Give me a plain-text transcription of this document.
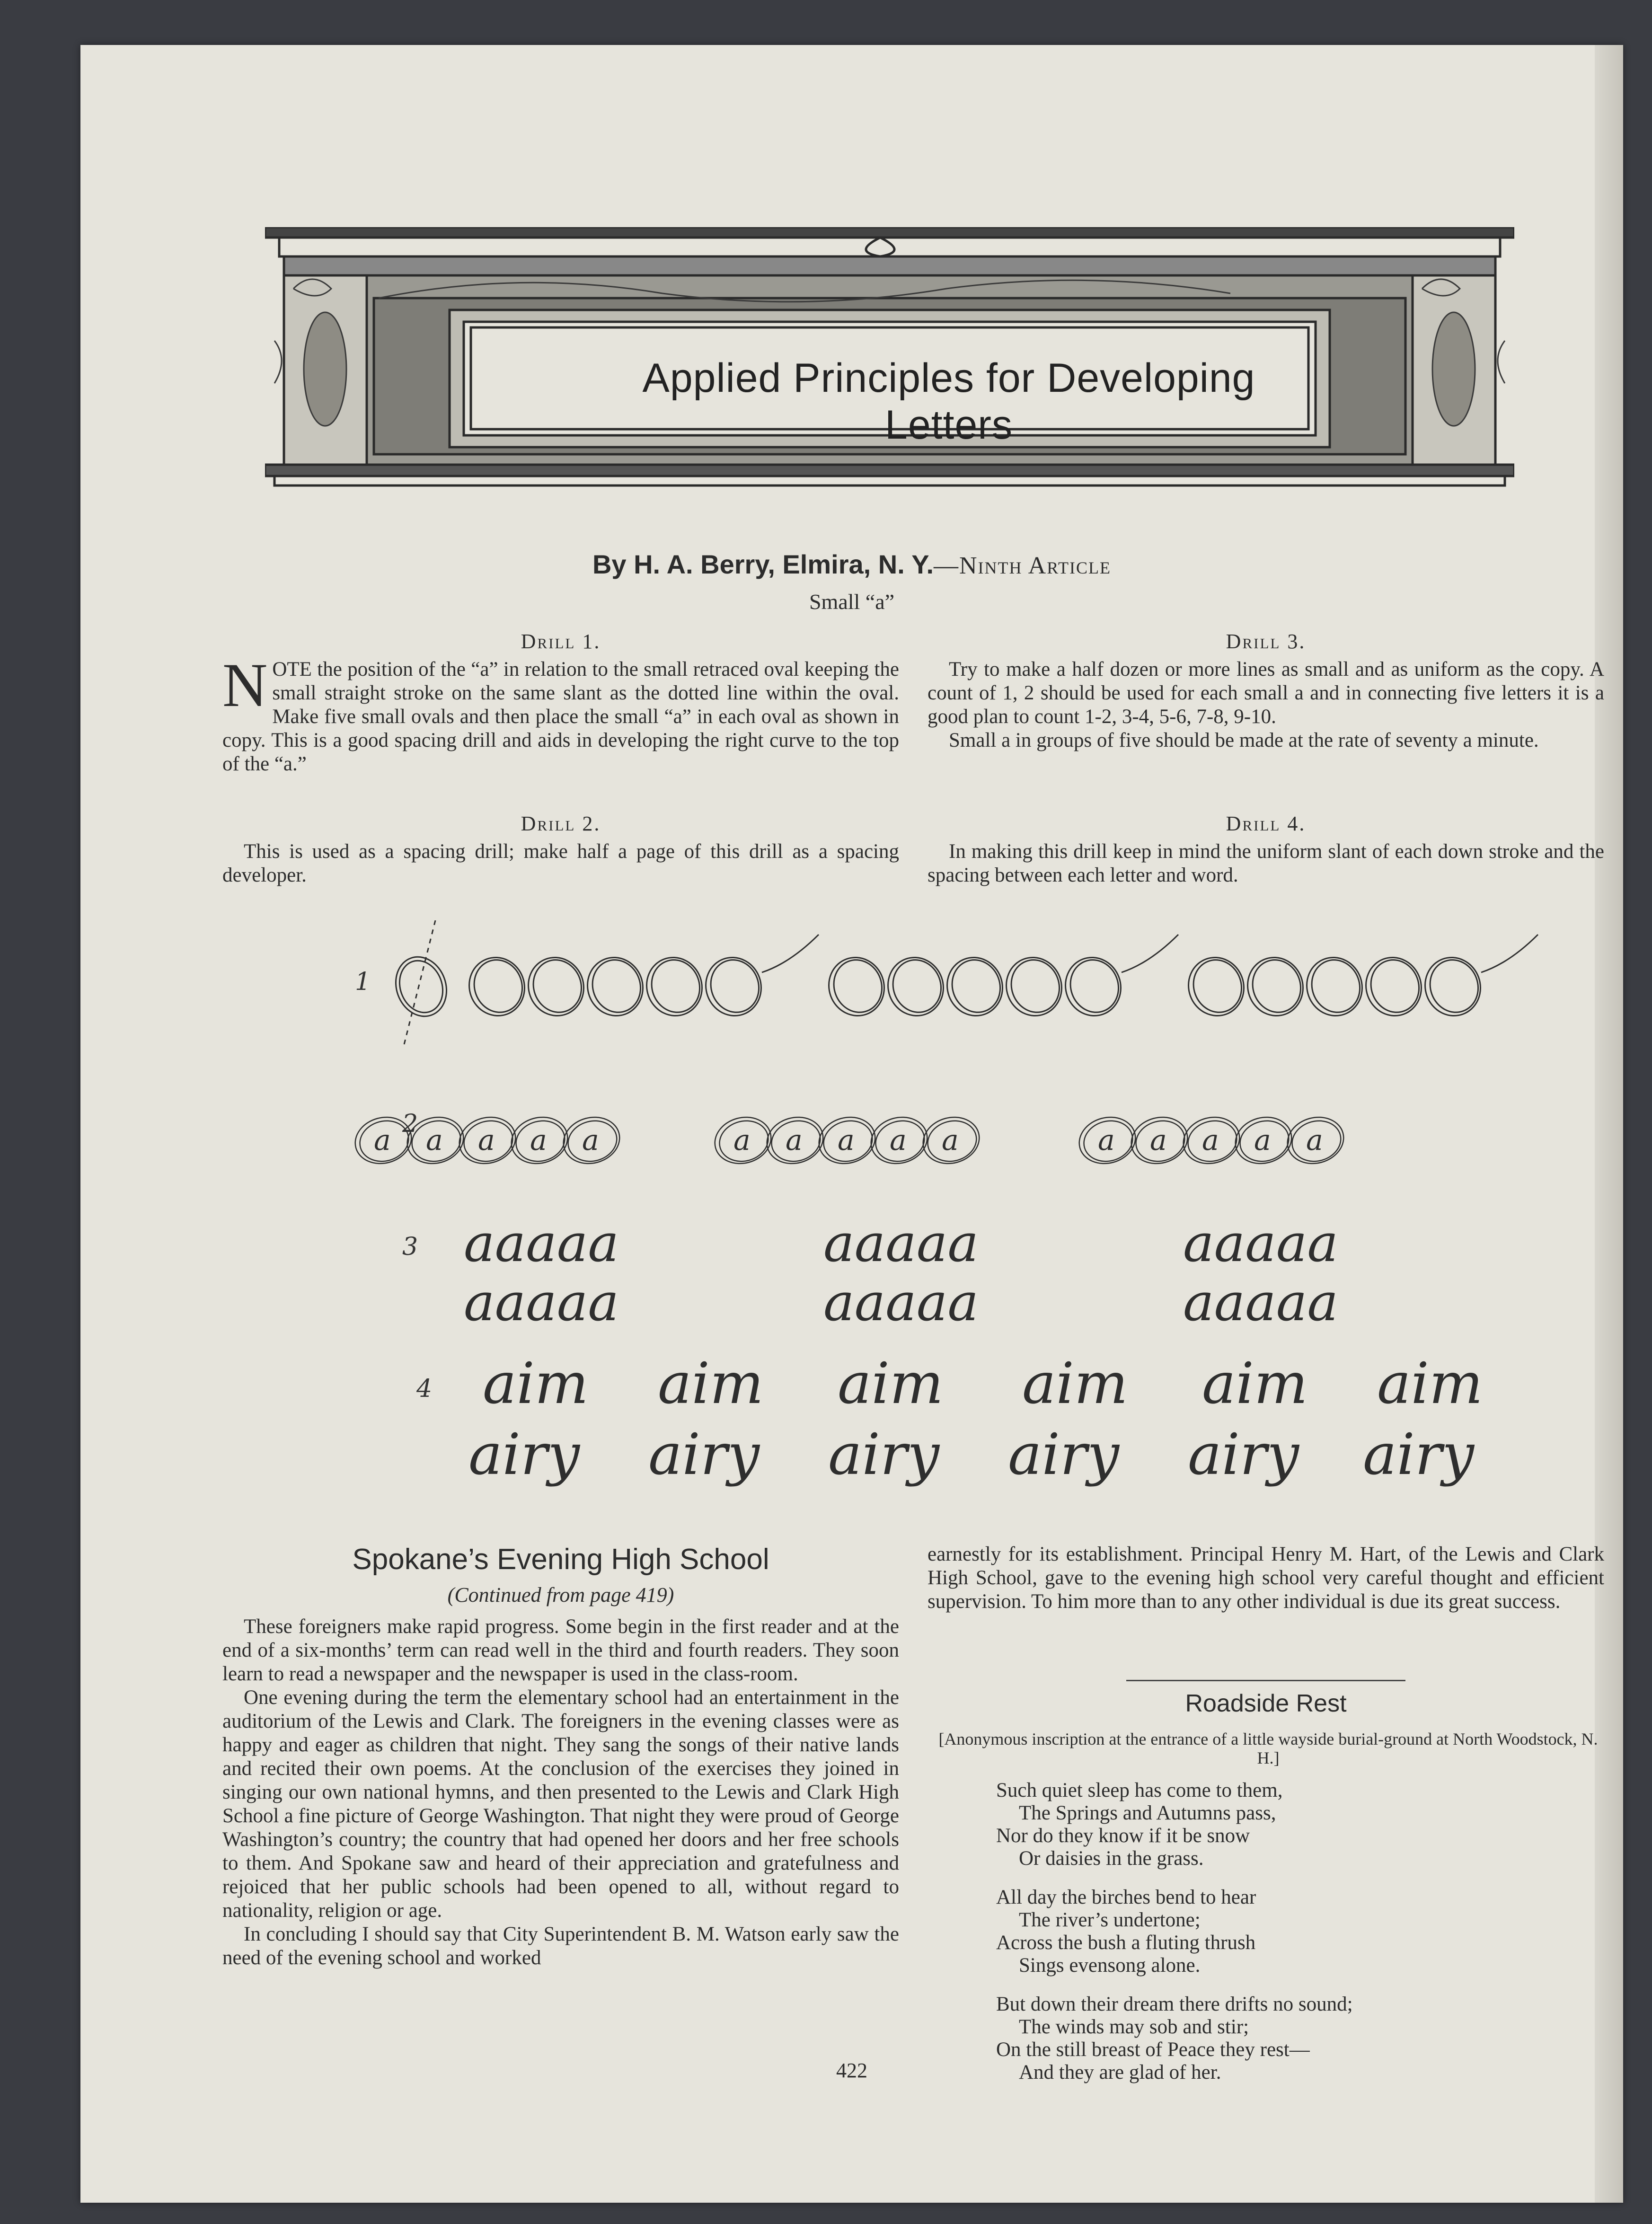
Applied Principles for Developing Letters
By H. A. Berry, Elmira, N. Y.—Ninth Article
Small “a”
Drill 1.
NOTE the position of the “a” in relation to the small retraced oval keeping the small straight stroke on the same slant as the dotted line within the oval. Make five small ovals and then place the small “a” in each oval as shown in copy. This is a good spacing drill and aids in developing the right curve to the top of the “a.”
Drill 2.

This is used as a spacing drill; make half a page of this drill as a spacing developer.

Drill 3.

Try to make a half dozen or more lines as small and as uniform as the copy. A count of 1, 2 should be used for each small a and in connecting five letters it is a good plan to count 1-2, 3-4, 5-6, 7-8, 9-10.

Small a in groups of five should be made at the rate of seventy a minute.

Drill 4.

In making this drill keep in mind the uniform slant of each down stroke and the spacing between each letter and word.

1
2
3
4
a a a a a	a a a a a	a a a a a
aaaaa	aaaaa	aaaaa
aaaaa	aaaaa	aaaaa
aim aim aim aim aim aim
airy airy airy airy airy airy
Spokane’s Evening High School
(Continued from page 419)

These foreigners make rapid progress. Some begin in the first reader and at the end of a six-months’ term can read well in the third and fourth readers. They soon learn to read a newspaper and the newspaper is used in the class-room.

One evening during the term the elementary school had an entertainment in the auditorium of the Lewis and Clark. The foreigners in the evening classes were as happy and eager as children that night. They sang the songs of their native lands and recited their own poems. At the conclusion of the exercises they joined in singing our own national hymns, and then presented to the Lewis and Clark High School a fine picture of George Washington. That night they were proud of George Washington’s country; the country that had opened her doors and her free schools to them. And Spokane saw and heard of their appreciation and gratefulness and rejoiced that her public schools had been opened to all, without regard to nationality, religion or age.

In concluding I should say that City Superintendent B. M. Watson early saw the need of the evening school and worked

earnestly for its establishment. Principal Henry M. Hart, of the Lewis and Clark High School, gave to the evening high school very careful thought and efficient supervision. To him more than to any other individual is due its great success.

Roadside Rest
[Anonymous inscription at the entrance of a little wayside burial-ground at North Woodstock, N. H.]
Such quiet sleep has come to them,
The Springs and Autumns pass,
Nor do they know if it be snow
Or daisies in the grass.
All day the birches bend to hear
The river’s undertone;
Across the bush a fluting thrush
Sings evensong alone.
But down their dream there drifts no sound;
The winds may sob and stir;
On the still breast of Peace they rest—
And they are glad of her.
422
